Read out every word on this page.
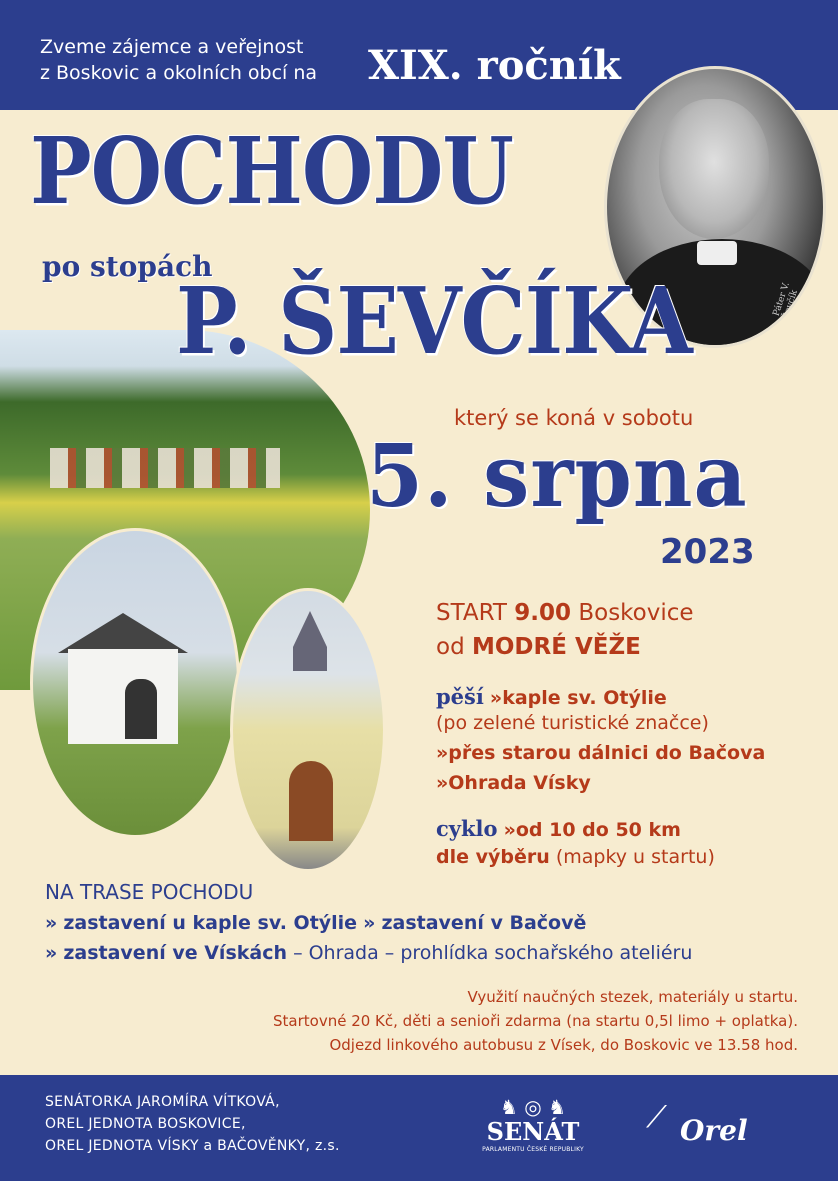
Zveme zájemce a veřejnost
z Boskovic a okolních obcí na XIX. ročník
Páter V. Ševčík
POCHODU
po stopách
P. ŠEVČÍKA
který se koná v sobotu
5. srpna
2023
START 9.00 Boskovice
od MODRÉ VĚŽE
pěší »kaple sv. Otýlie
(po zelené turistické značce)
»přes starou dálnici do Bačova
»Ohrada Vísky
cyklo »od 10 do 50 km
dle výběru (mapky u startu)
NA TRASE POCHODU
» zastavení u kaple sv. Otýlie » zastavení v Bačově
» zastavení ve Vískách – Ohrada – prohlídka sochařského ateliéru
Využití naučných stezek, materiály u startu.
Startovné 20 Kč, děti a senioři zdarma (na startu 0,5l limo + oplatka).
Odjezd linkového autobusu z Vísek, do Boskovic ve 13.58 hod.
SENÁTORKA JAROMÍRA VÍTKOVÁ,
OREL JEDNOTA BOSKOVICE,
OREL JEDNOTA VÍSKY a BAČOVĚNKY, z.s.
♞ ◎ ♞
SENÁT
PARLAMENTU ČESKÉ REPUBLIKY
⟋ Orel
